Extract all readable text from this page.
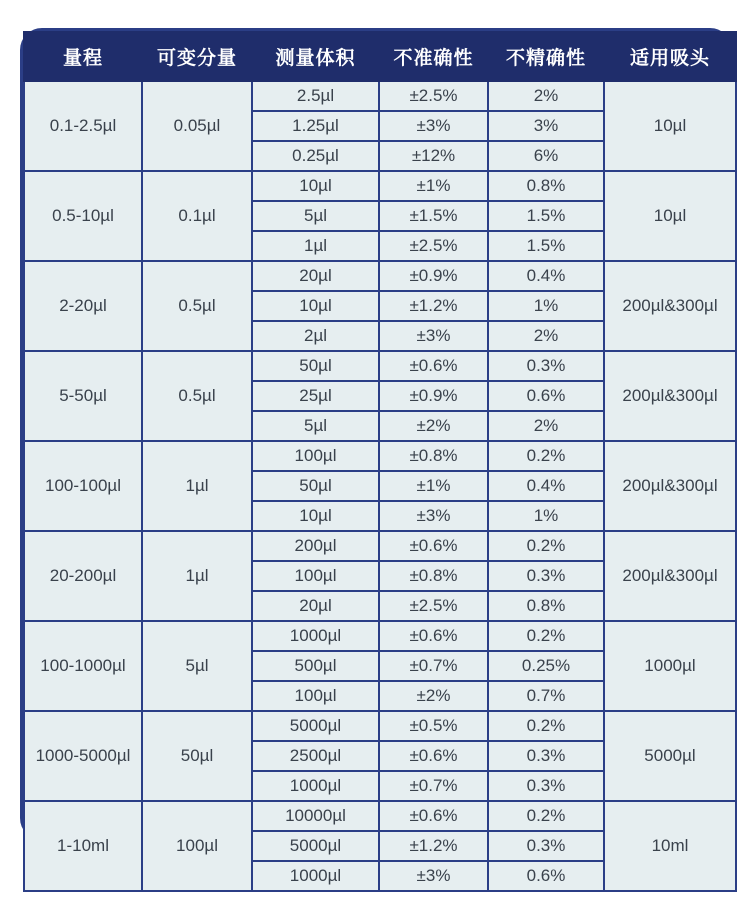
量程	可变分量	测量体积	不准确性	不精确性	适用吸头
0.1-2.5µl	0.05µl	2.5µl	±2.5%	2%	10µl
		1.25µl	±3%	3%	
		0.25µl	±12%	6%	
0.5-10µl	0.1µl	10µl	±1%	0.8%	10µl
		5µl	±1.5%	1.5%	
		1µl	±2.5%	1.5%	
2-20µl	0.5µl	20µl	±0.9%	0.4%	200µl&300µl
		10µl	±1.2%	1%	
		2µl	±3%	2%	
5-50µl	0.5µl	50µl	±0.6%	0.3%	200µl&300µl
		25µl	±0.9%	0.6%	
		5µl	±2%	2%	
100-100µl	1µl	100µl	±0.8%	0.2%	200µl&300µl
		50µl	±1%	0.4%	
		10µl	±3%	1%	
20-200µl	1µl	200µl	±0.6%	0.2%	200µl&300µl
		100µl	±0.8%	0.3%	
		20µl	±2.5%	0.8%	
100-1000µl	5µl	1000µl	±0.6%	0.2%	1000µl
		500µl	±0.7%	0.25%	
		100µl	±2%	0.7%	
1000-5000µl	50µl	5000µl	±0.5%	0.2%	5000µl
		2500µl	±0.6%	0.3%	
		1000µl	±0.7%	0.3%	
1-10ml	100µl	10000µl	±0.6%	0.2%	10ml
		5000µl	±1.2%	0.3%	
		1000µl	±3%	0.6%	
